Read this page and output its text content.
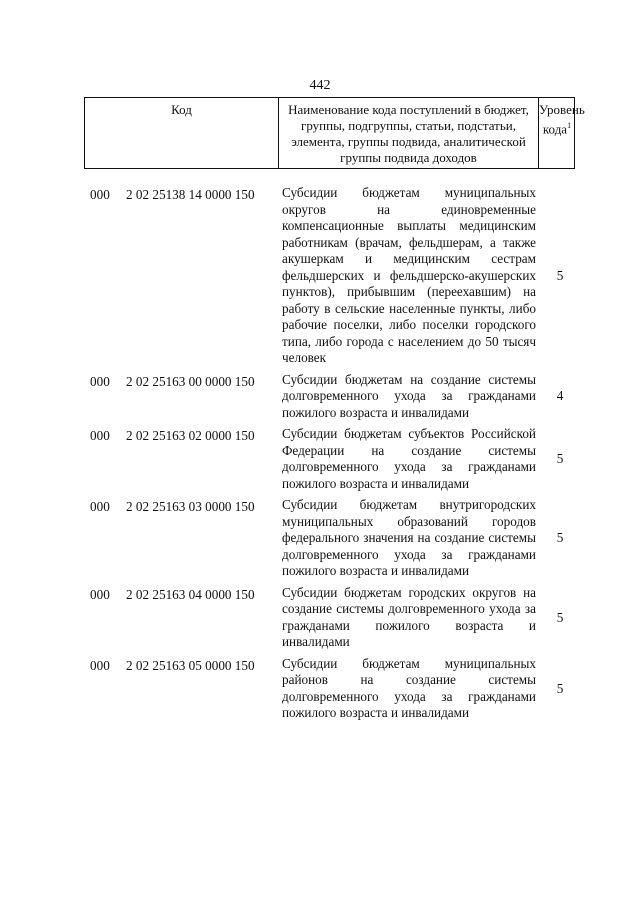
442
Код	Наименование кода поступлений в бюджет, группы, подгруппы, статьи, подстатьи, элемента, группы подвида, аналитической группы подвида доходов
Уровень
кода$^1$
000 2 02 25138 14 0000 150 Субсидии бюджетам муниципальных округов на единовременные компенсационные выплаты медицинским работникам (врачам, фельдшерам, а также акушеркам и медицинским сестрам фельдшерских и фельдшерско-акушерских пунктов), прибывшим (переехавшим) на работу в сельские населенные пункты, либо рабочие поселки, либо поселки городского типа, либо города с населением до 50 тысяч человек
5
000 2 02 25163 00 0000 150 Субсидии бюджетам на создание системы долговременного ухода за гражданами пожилого возраста и инвалидами
4
000 2 02 25163 02 0000 150 Субсидии бюджетам субъектов Российской Федерации на создание системы долговременного ухода за гражданами пожилого возраста и инвалидами
5
000 2 02 25163 03 0000 150 Субсидии бюджетам внутригородских муниципальных образований городов федерального значения на создание системы долговременного ухода за гражданами пожилого возраста и инвалидами
5
000 2 02 25163 04 0000 150 Субсидии бюджетам городских округов на создание системы долговременного ухода за гражданами пожилого возраста и инвалидами
5
000 2 02 25163 05 0000 150 Субсидии бюджетам муниципальных районов на создание системы долговременного ухода за гражданами пожилого возраста и инвалидами
5
